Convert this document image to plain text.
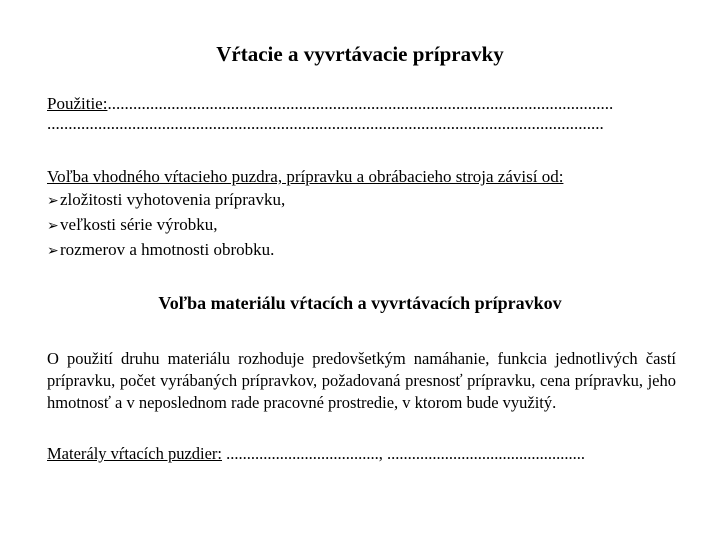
Vŕtacie a vyvrtávacie prípravky
Použitie:.......................................................................................................................
...................................................................................................................................
Voľba vhodného vŕtacieho puzdra, prípravku a obrábacieho stroja závisí od:
➢zložitosti vyhotovenia prípravku,
➢veľkosti série výrobku,
➢rozmerov a hmotnosti obrobku.
Voľba materiálu vŕtacích a vyvrtávacích prípravkov
O použití druhu materiálu rozhoduje predovšetkým namáhanie, funkcia jednotlivých častí prípravku, počet vyrábaných prípravkov, požadovaná presnosť prípravku, cena prípravku, jeho hmotnosť a v neposlednom rade pracovné prostredie, v ktorom bude využitý.
Materály vŕtacích puzdier: ....................................., ................................................
